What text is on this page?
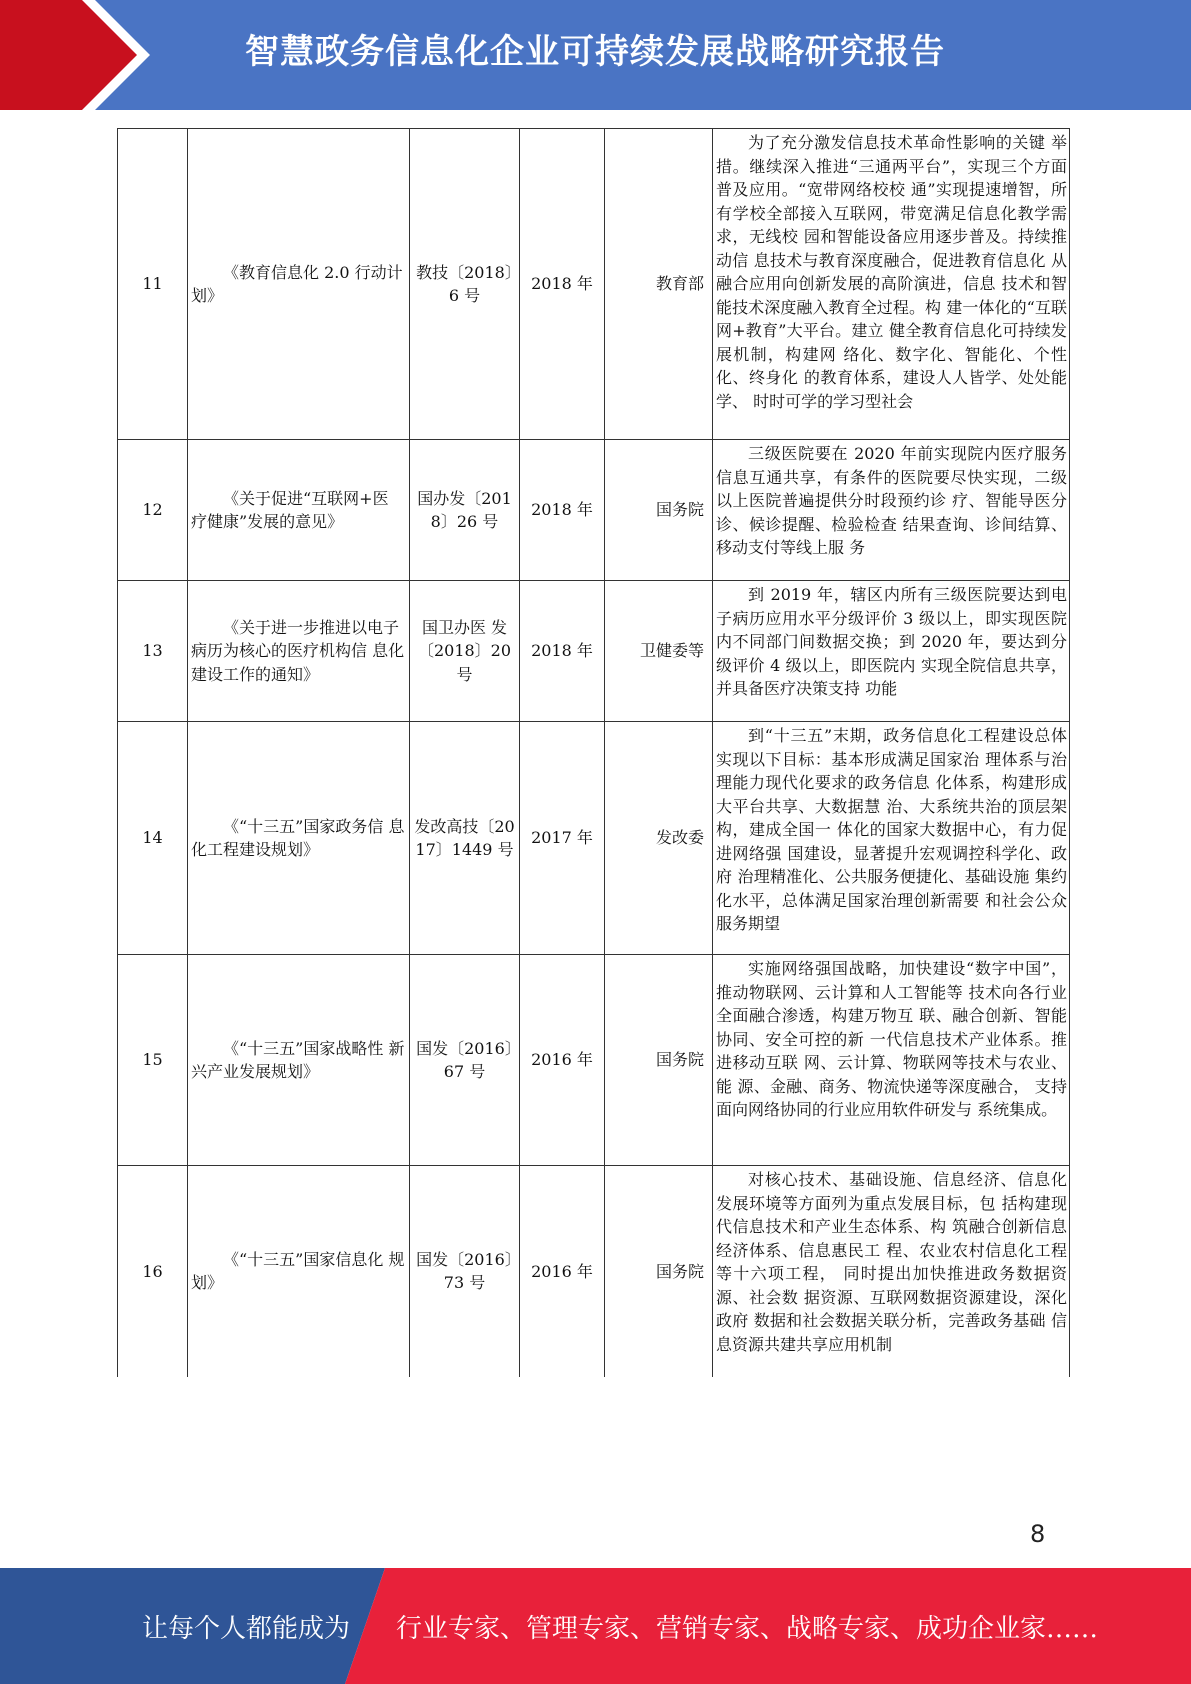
智慧政务信息化企业可持续发展战略研究报告
11	《教育信息化 2.0 行动计 划》	教技〔2018〕6 号	2018 年	教育部	为了充分激发信息技术革命性影响的关键 举措。继续深入推进“三通两平台”，实现三个方面普及应用。“宽带网络校校 通”实现提速增智，所有学校全部接入互联网，带宽满足信息化教学需求，无线校 园和智能设备应用逐步普及。持续推动信 息技术与教育深度融合，促进教育信息化 从融合应用向创新发展的高阶演进，信息 技术和智能技术深度融入教育全过程。构 建一体化的“互联网+教育”大平台。建立 健全教育信息化可持续发展机制，构建网 络化、数字化、智能化、个性化、终身化 的教育体系，建设人人皆学、处处能学、 时时可学的学习型社会
12	《关于促进“互联网+医 疗健康”发展的意见》	国办发〔2018〕26 号	2018 年	国务院	三级医院要在 2020 年前实现院内医疗服务 信息互通共享，有条件的医院要尽快实现，二级以上医院普遍提供分时段预约诊 疗、智能导医分诊、候诊提醒、检验检查 结果查询、诊间结算、移动支付等线上服 务
13	《关于进一步推进以电子 病历为核心的医疗机构信 息化建设工作的通知》	国卫办医 发〔2018〕20 号	2018 年	卫健委等	到 2019 年，辖区内所有三级医院要达到电 子病历应用水平分级评价 3 级以上，即实现医院内不同部门间数据交换；到 2020 年，要达到分级评价 4 级以上，即医院内 实现全院信息共享，并具备医疗决策支持 功能
14	《“十三五”国家政务信 息化工程建设规划》	发改高技〔2017〕1449 号	2017 年	发改委	到“十三五”末期，政务信息化工程建设总体实现以下目标：基本形成满足国家治 理体系与治理能力现代化要求的政务信息 化体系，构建形成大平台共享、大数据慧 治、大系统共治的顶层架构，建成全国一 体化的国家大数据中心，有力促进网络强 国建设，显著提升宏观调控科学化、政府 治理精准化、公共服务便捷化、基础设施 集约化水平，总体满足国家治理创新需要 和社会公众服务期望
15	《“十三五”国家战略性 新兴产业发展规划》	国发〔2016〕67 号	2016 年	国务院	实施网络强国战略，加快建设“数字中国”，推动物联网、云计算和人工智能等 技术向各行业全面融合渗透，构建万物互 联、融合创新、智能协同、安全可控的新 一代信息技术产业体系。推进移动互联 网、云计算、物联网等技术与农业、能 源、金融、商务、物流快递等深度融合， 支持面向网络协同的行业应用软件研发与 系统集成。
16	《“十三五”国家信息化 规划》	国发〔2016〕73 号	2016 年	国务院	对核心技术、基础设施、信息经济、信息化发展环境等方面列为重点发展目标，包 括构建现代信息技术和产业生态体系、构 筑融合创新信息经济体系、信息惠民工 程、农业农村信息化工程等十六项工程， 同时提出加快推进政务数据资源、社会数 据资源、互联网数据资源建设，深化政府 数据和社会数据关联分析，完善政务基础 信息资源共建共享应用机制
8
让每个人都能成为 行业专家、管理专家、营销专家、战略专家、成功企业家……
